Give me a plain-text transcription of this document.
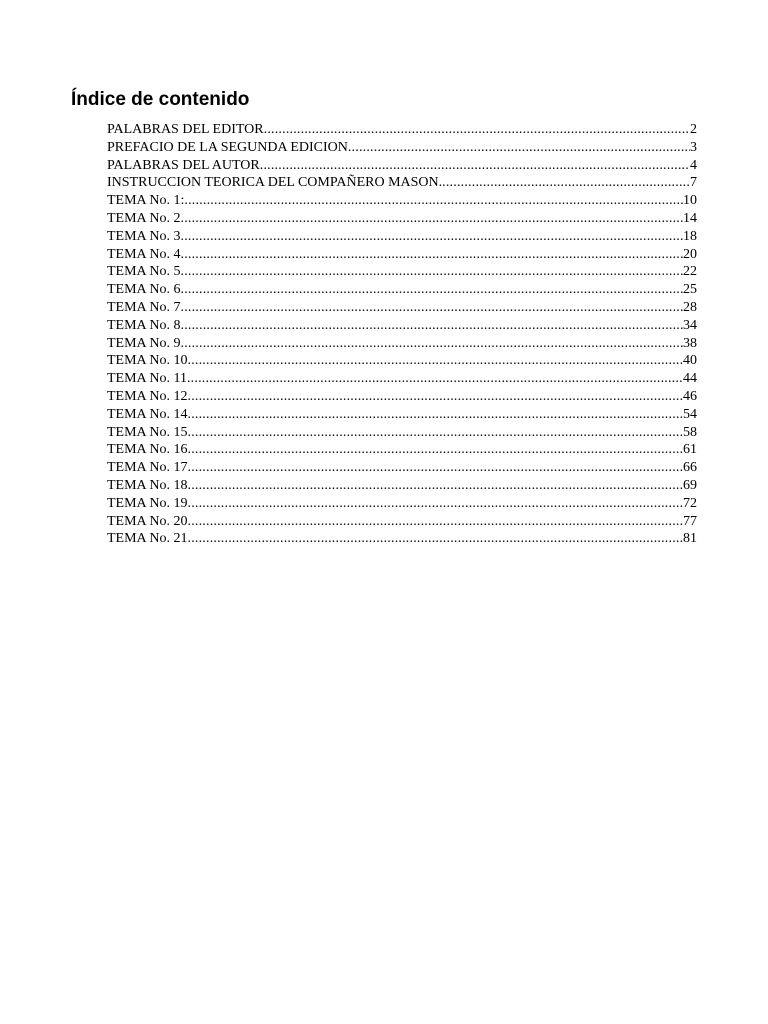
Índice de contenido
PALABRAS DEL EDITOR .....	2
PREFACIO DE LA SEGUNDA EDICION .....	3
PALABRAS DEL AUTOR .....	4
INSTRUCCION TEORICA DEL COMPAÑERO MASON. .....	7
TEMA No. 1: .....	10
TEMA No. 2 .....	14
TEMA No. 3 .....	18
TEMA No. 4 .....	20
TEMA No. 5 .....	22
TEMA No. 6 .....	25
TEMA No. 7 .....	28
TEMA No. 8 .....	34
TEMA No. 9 .....	38
TEMA No. 10 .....	40
TEMA No. 11 .....	44
TEMA No. 12 .....	46
TEMA No. 14 .....	54
TEMA No. 15 .....	58
TEMA No. 16 .....	61
TEMA No. 17 .....	66
TEMA No. 18 .....	69
TEMA No. 19 .....	72
TEMA No. 20 .....	77
TEMA No. 21 .....	81
